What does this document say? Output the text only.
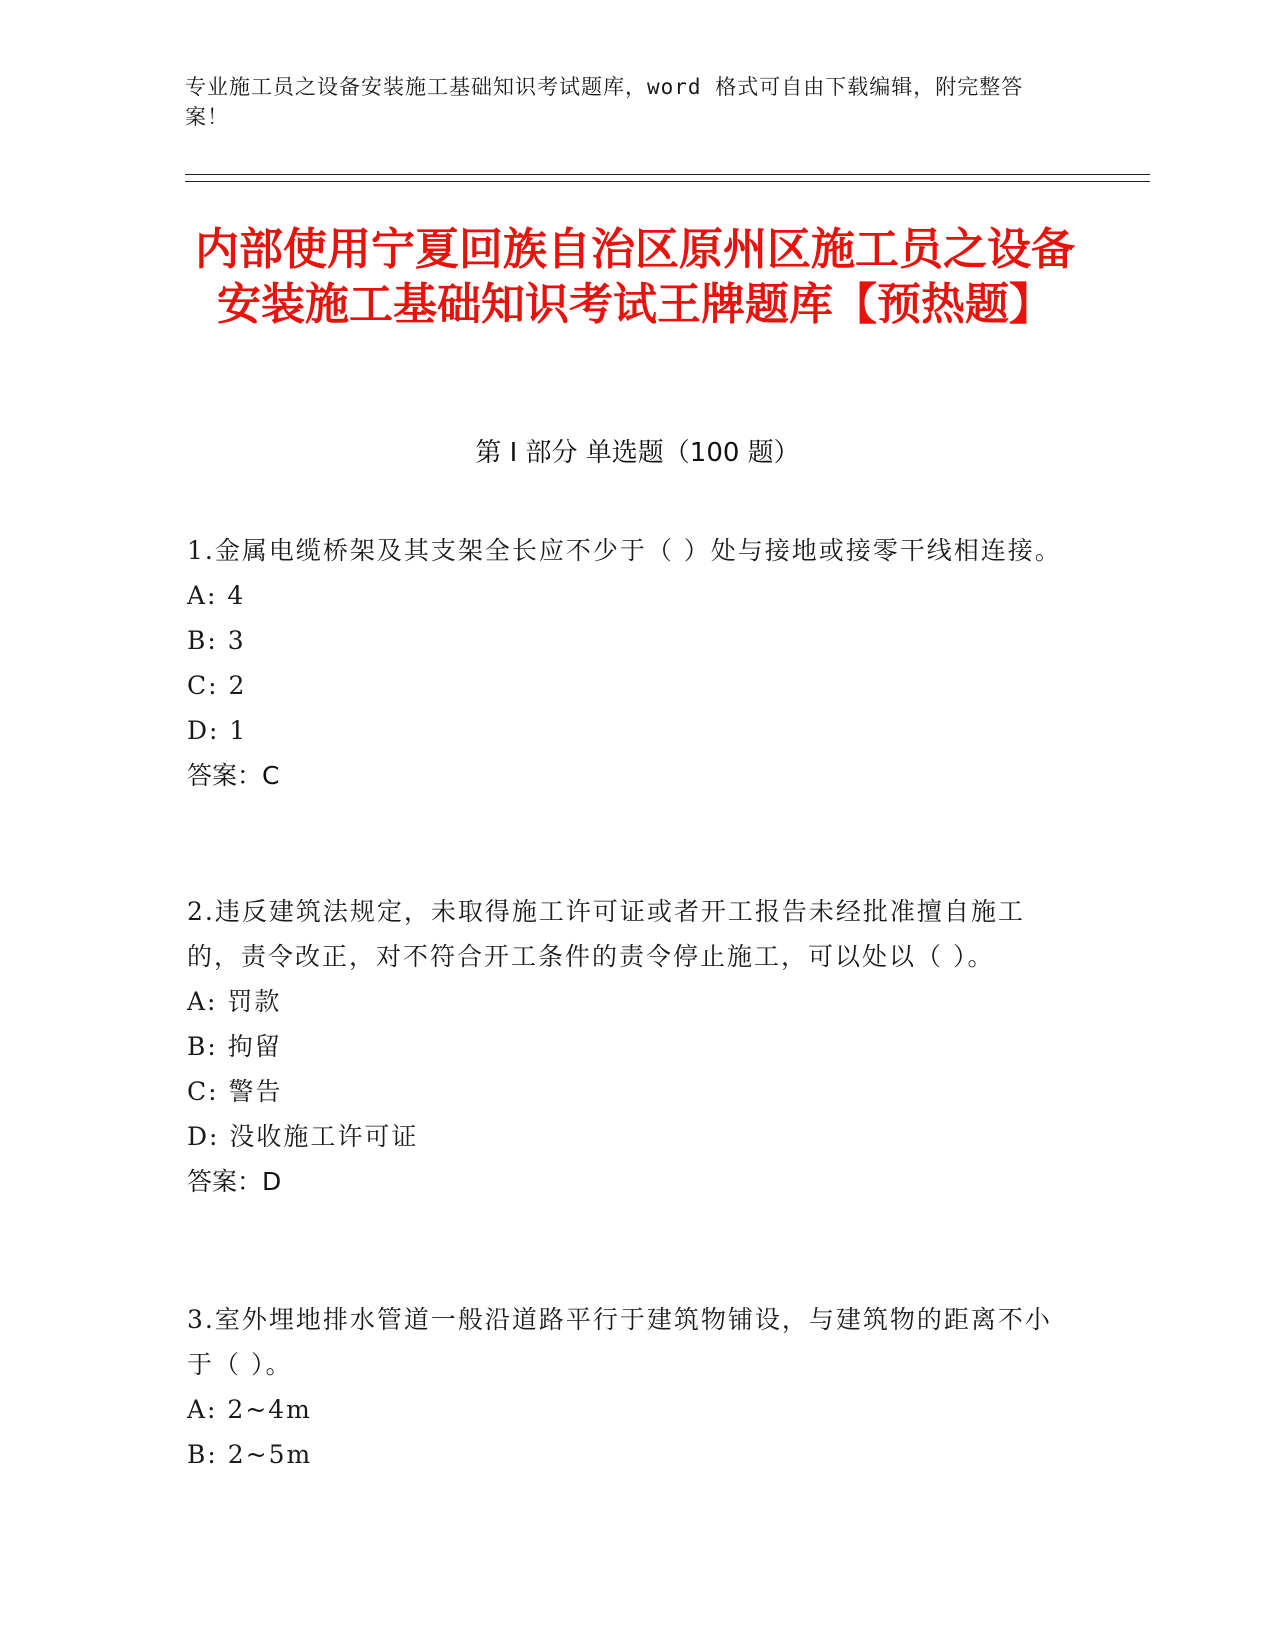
专业施工员之设备安装施工基础知识考试题库，word 格式可自由下载编辑，附完整答案！
内部使用宁夏回族自治区原州区施工员之设备安装施工基础知识考试王牌题库【预热题】
第 I 部分 单选题（100 题）

1.金属电缆桥架及其支架全长应不少于（ ）处与接地或接零干线相连接。

A: 4

B: 3

C: 2

D: 1

答案：C

2.违反建筑法规定，未取得施工许可证或者开工报告未经批准擅自施工的，责令改正，对不符合开工条件的责令停止施工，可以处以（ ）。

A: 罚款

B: 拘留

C: 警告

D: 没收施工许可证

答案：D

3.室外埋地排水管道一般沿道路平行于建筑物铺设，与建筑物的距离不小于（ ）。

A: 2~4m

B: 2~5m
